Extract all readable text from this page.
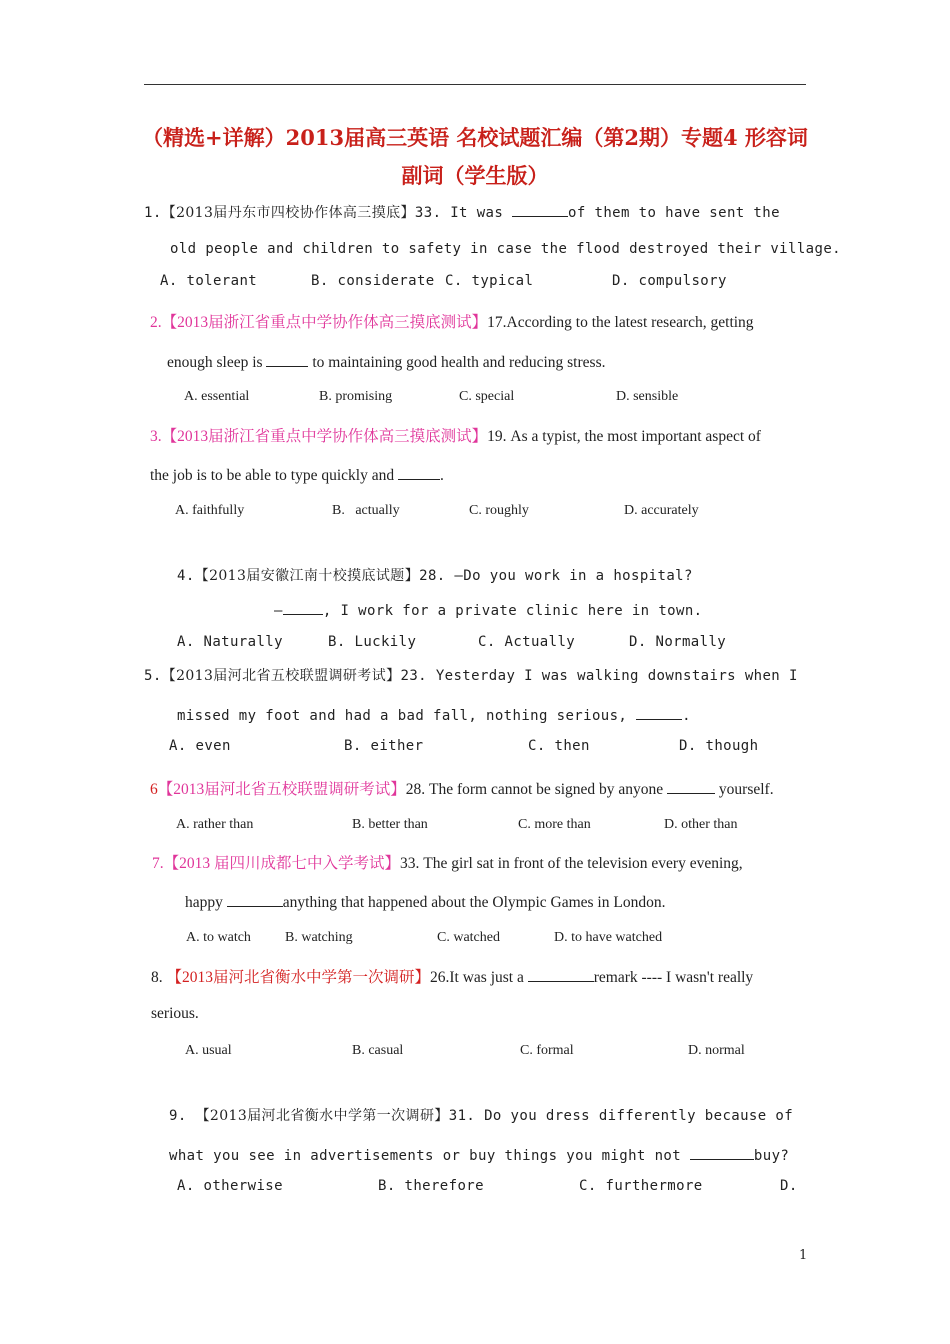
（精选+详解）2013届高三英语 名校试题汇编（第2期）专题4 形容词
副词（学生版）
1.【2013届丹东市四校协作体高三摸底】33. It was	of them to have sent the
old people and children to safety in case the flood destroyed their village.
A. tolerant	B. considerate C. typical	D. compulsory
2.【2013届浙江省重点中学协作体高三摸底测试】17.According to the latest research, getting
enough sleep is	to maintaining good health and reducing stress.
A. essential	B. promising	C. special	D. sensible
3.【2013届浙江省重点中学协作体高三摸底测试】19. As a typist, the most important aspect of
the job is to be able to type quickly and	.
A. faithfully	B.   actually	C. roughly	D. accurately
4.【2013届安徽江南十校摸底试题】28. —Do you work in a hospital?
—	, I work for a private clinic here in town.
A. Naturally	B. Luckily	C. Actually	D. Normally
5.【2013届河北省五校联盟调研考试】23. Yesterday I was walking downstairs when I
missed my foot and had a bad fall, nothing serious,	.
A. even	B. either	C. then	D. though
6【2013届河北省五校联盟调研考试】28. The form cannot be signed by anyone	yourself.
A. rather than	B. better than	C. more than	D. other than
7.【2013 届四川成都七中入学考试】33. The girl sat in front of the television every evening,
happy	anything that happened about the Olympic Games in London.
A. to watch B. watching	C. watched	D. to have watched
8. 【2013届河北省衡水中学第一次调研】26.It was just a	remark ---- I wasn't really
serious.
A. usual	B. casual	C. formal	D. normal
9. 【2013届河北省衡水中学第一次调研】31. Do you dress differently because of
what you see in advertisements or buy things you might not	buy?
A. otherwise	B. therefore	C. furthermore	D.
1
